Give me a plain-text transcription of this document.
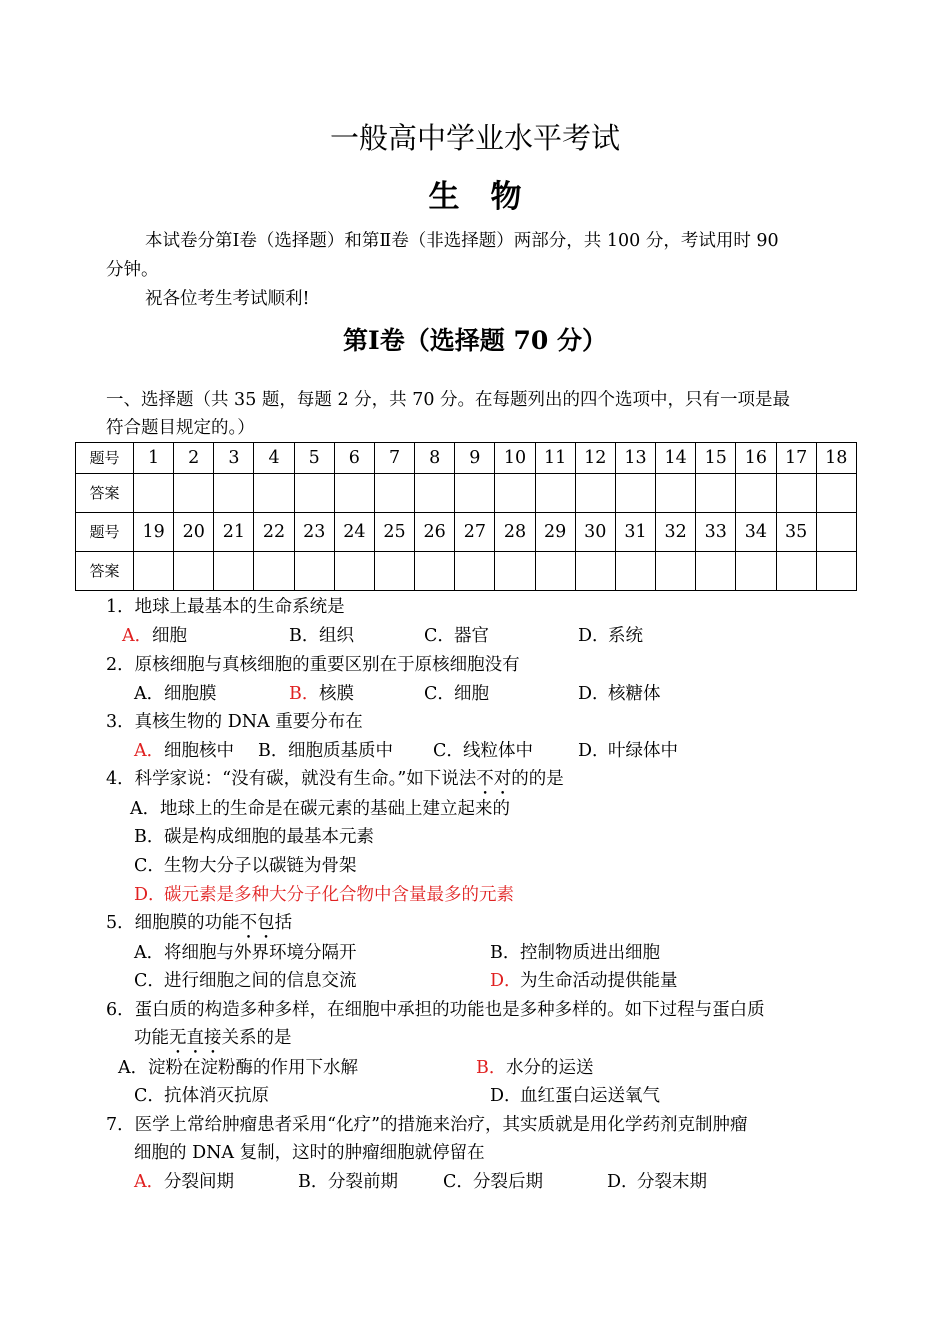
一般高中学业水平考试
生　物
本试卷分第Ⅰ卷（选择题）和第Ⅱ卷（非选择题）两部分，共 100 分，考试用时 90
分钟。
祝各位考生考试顺利!
第Ⅰ卷（选择题 70 分）
一、选择题（共 35 题，每题 2 分，共 70 分。在每题列出的四个选项中，只有一项是最
符合题目规定的。）
题号	1	2	3	4	5	6	7	8	9	10	11	12	13	14	15	16	17	18
答案																		
题号	19	20	21	22	23	24	25	26	27	28	29	30	31	32	33	34	35	
答案																		
1．地球上最基本的生命系统是
A． 细胞	B． 组织	C． 器官	D．
系统
2．原核细胞与真核细胞的重要区别在于原核细胞没有
A． 细胞膜	B． 核膜	C． 细胞	D．
核糖体
3．真核生物的 DNA 重要分布在
A． 细胞核中 B． 细胞质基质中 C． 线粒体中	D．
叶绿体中
4．科学家说：“没有碳，就没有生命。”如下说法不对的的是
A． 地球上的生命是在碳元素的基础上建立起来的
B． 碳是构成细胞的最基本元素
C． 生物大分子以碳链为骨架
D．
碳元素是多种大分子化合物中含量最多的元素
5．细胞膜的功能不包括
A． 将细胞与外界环境分隔开	B． 控制物质进出细胞
C． 进行细胞之间的信息交流	D．
为生命活动提供能量
6．蛋白质的构造多种多样，在细胞中承担的功能也是多种多样的。如下过程与蛋白质
功能无直接关系的是
A． 淀粉在淀粉酶的作用下水解	B． 水分的运送
C． 抗体消灭抗原	D．
血红蛋白运送氧气
7．医学上常给肿瘤患者采用“化疗”的措施来治疗，其实质就是用化学药剂克制肿瘤
细胞的 DNA 复制，这时的肿瘤细胞就停留在
A． 分裂间期	B． 分裂前期	C． 分裂后期	D．
分裂末期
